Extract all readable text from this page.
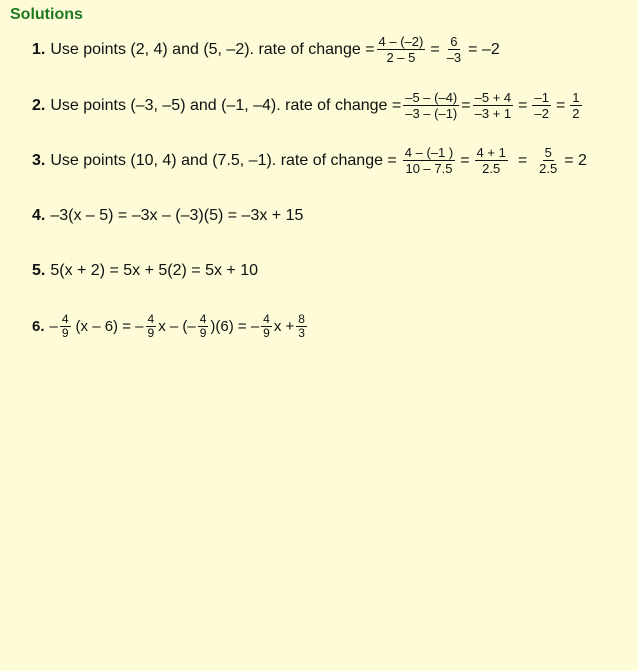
Solutions
1. Use points (2, 4) and (5, –2). rate of change = $\frac{4 - (-2)}{2 - 5} = \frac{6}{-3} = -2$
2. Use points (–3, –5) and (–1, –4). rate of change = $\frac{-5 - (-4)}{-3 - (-1)} = \frac{-5 + 4}{-3 + 1} = \frac{-1}{-2} = \frac{1}{2}$
3. Use points (10, 4) and (7.5, –1). rate of change = $\frac{4 - (-1 )}{10 - 7.5} = \frac{4 + 1}{2.5} = \frac{5}{2.5} = 2$
4. –3(x – 5) = –3x – (–3)(5) = –3x + 15
5. 5(x + 2) = 5x + 5(2) = 5x + 10
6. – $\frac{4}{9} (x - 6)$ = – $\frac{4}{9}$ x – (– $\frac{4}{9} )(6)$ = – $\frac{4}{9}$ $x + \frac{8}{3}$
